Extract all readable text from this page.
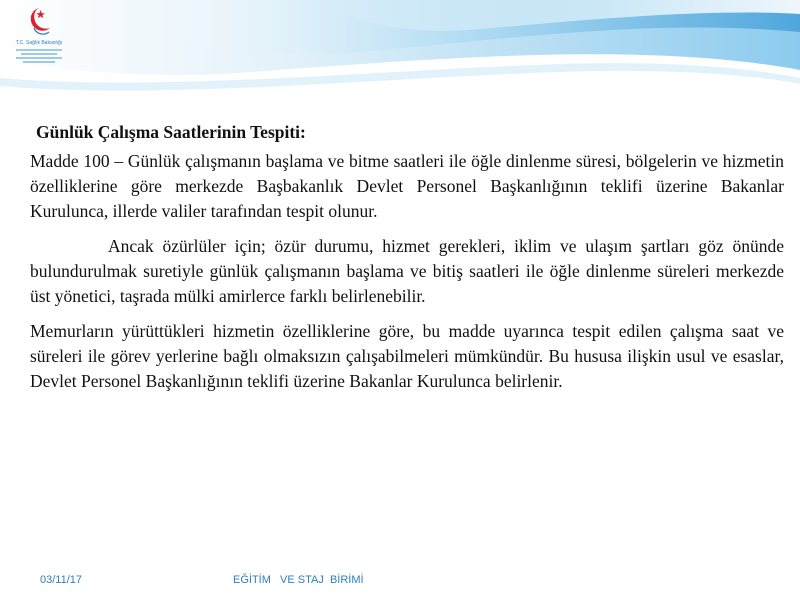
T.C. Sağlık Bakanlığı
Günlük Çalışma Saatlerinin Tespiti:

Madde 100 – Günlük çalışmanın başlama ve bitme saatleri ile öğle dinlenme süresi, bölgelerin ve hizmetin özelliklerine göre merkezde Başbakanlık Devlet Personel Başkanlığının teklifi üzerine Bakanlar Kurulunca, illerde valiler tarafından tespit olunur.

Ancak özürlüler için; özür durumu, hizmet gerekleri, iklim ve ulaşım şartları göz önünde bulundurulmak suretiyle günlük çalışmanın başlama ve bitiş saatleri ile öğle dinlenme süreleri merkezde üst yönetici, taşrada mülki amirlerce farklı belirlenebilir.

Memurların yürüttükleri hizmetin özelliklerine göre, bu madde uyarınca tespit edilen çalışma saat ve süreleri ile görev yerlerine bağlı olmaksızın çalışabilmeleri mümkündür. Bu hususa ilişkin usul ve esaslar, Devlet Personel Başkanlığının teklifi üzerine Bakanlar Kurulunca belirlenir.

03/11/17	EĞİTİM   VE STAJ  BİRİMİ
